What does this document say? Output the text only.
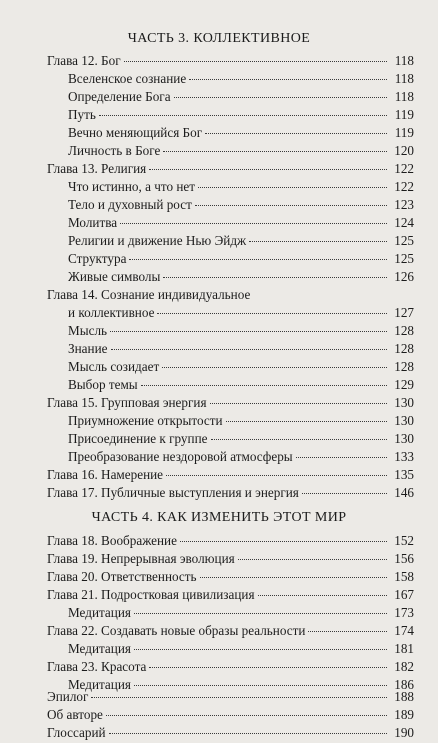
ЧАСТЬ 3. КОЛЛЕКТИВНОЕ
Глава 12. Бог	118
Вселенское сознание	118
Определение Бога	118
Путь	119
Вечно меняющийся Бог	119
Личность в Боге	120
Глава 13. Религия	122
Что истинно, а что нет	122
Тело и духовный рост	123
Молитва	124
Религии и движение Нью Эйдж	125
Структура	125
Живые символы	126
Глава 14. Сознание индивидуальное
и коллективное	127
Мысль	128
Знание	128
Мысль созидает	128
Выбор темы	129
Глава 15. Групповая энергия	130
Приумножение открытости	130
Присоединение к группе	130
Преобразование нездоровой атмосферы	133
Глава 16. Намерение	135
Глава 17. Публичные выступления и энергия	146
ЧАСТЬ 4. КАК ИЗМЕНИТЬ ЭТОТ МИР
Глава 18. Воображение	152
Глава 19. Непрерывная эволюция	156
Глава 20. Ответственность	158
Глава 21. Подростковая цивилизация	167
Медитация	173
Глава 22. Создавать новые образы реальности	174
Медитация	181
Глава 23. Красота	182
Медитация	186
Эпилог	188
Об авторе	189
Глоссарий	190
